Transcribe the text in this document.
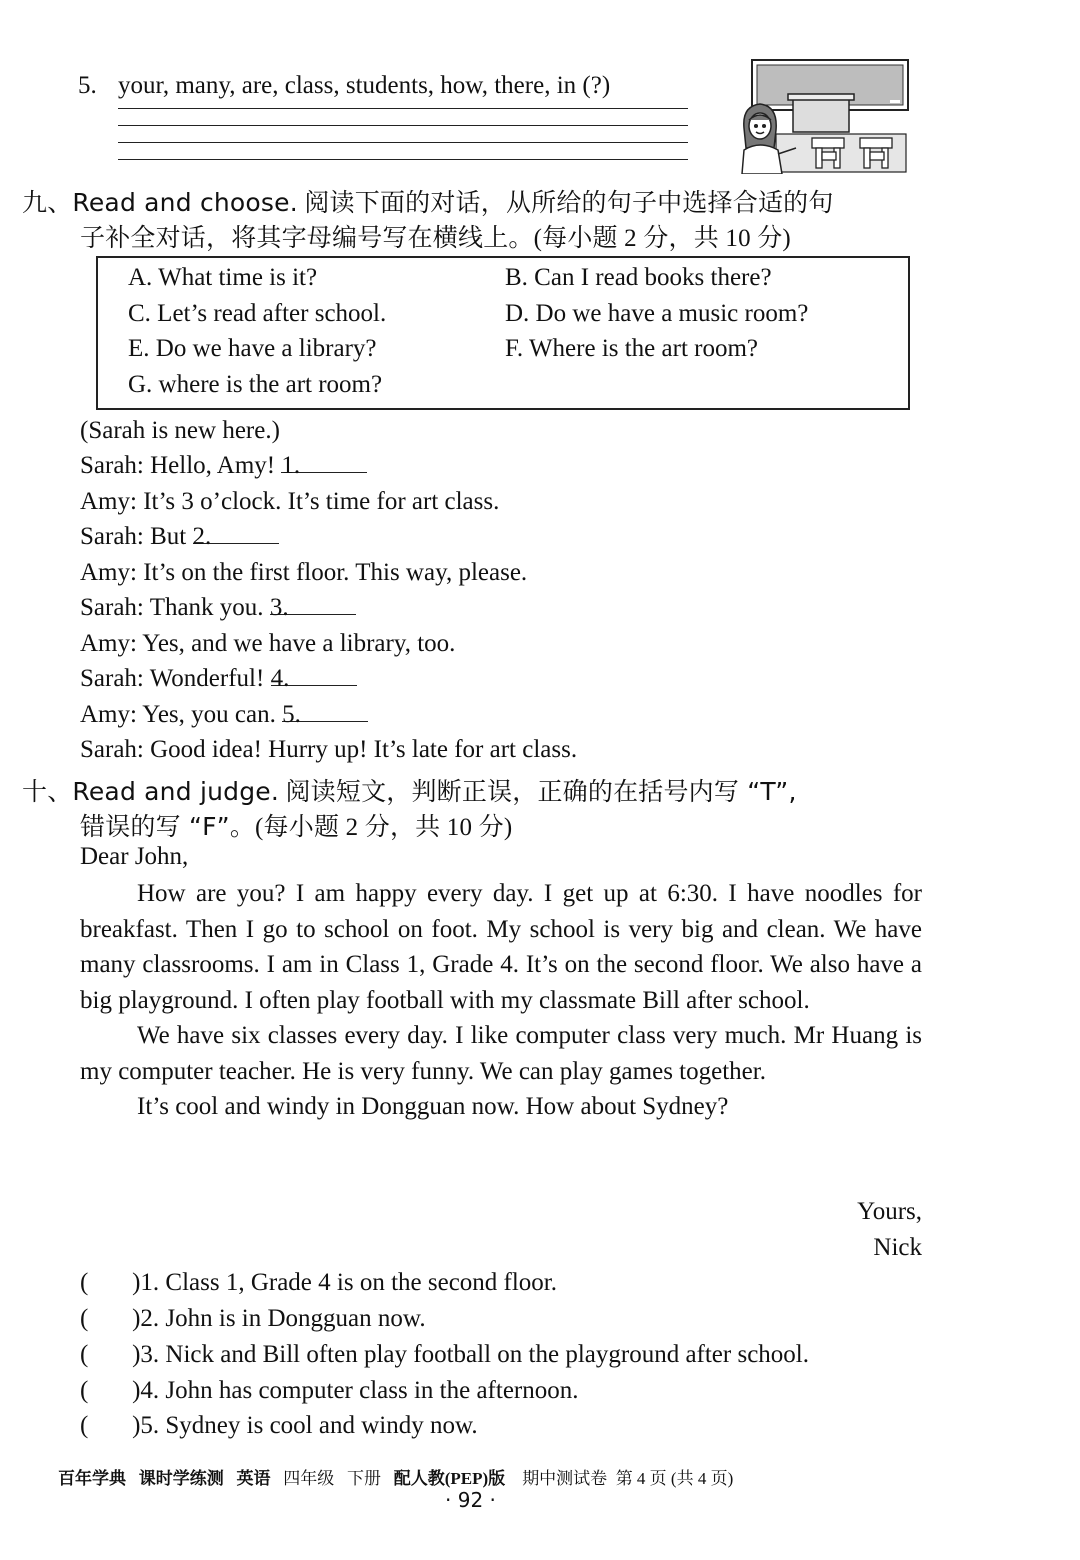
5. your, many, are, class, students, how, there, in (?)
九、Read and choose. 阅读下面的对话，从所给的句子中选择合适的句
子补全对话，将其字母编号写在横线上。(每小题 2 分，共 10 分)
A. What time is it?	B. Can I read books there?
C. Let’s read after school.	D. Do we have a music room?
E. Do we have a library?	F. Where is the art room?
G. where is the art room?
(Sarah is new here.)
Sarah: Hello, Amy! 1.
Amy: It’s 3 o’clock. It’s time for art class.
Sarah: But 2.
Amy: It’s on the first floor. This way, please.
Sarah: Thank you. 3.
Amy: Yes, and we have a library, too.
Sarah: Wonderful! 4.
Amy: Yes, you can. 5.
Sarah: Good idea! Hurry up! It’s late for art class.
十、Read and judge. 阅读短文，判断正误，正确的在括号内写 “T”,
错误的写 “F”。(每小题 2 分，共 10 分)
Dear John,

How are you? I am happy every day. I get up at 6:30. I have noodles for breakfast. Then I go to school on foot. My school is very big and clean. We have many classrooms. I am in Class 1, Grade 4. It’s on the second floor. We also have a big playground. I often play football with my classmate Bill after school.

We have six classes every day. I like computer class very much. Mr Huang is my computer teacher. He is very funny. We can play games together.

It’s cool and windy in Dongguan now. How about Sydney?

Yours,
Nick
(       )1. Class 1, Grade 4 is on the second floor.
(       )2. John is in Dongguan now.
(       )3. Nick and Bill often play football on the playground after school.
(       )4. John has computer class in the afternoon.
(       )5. Sydney is cool and windy now.
百年学典 课时学练测 英语 四年级 下册 配人教(PEP)版 期中测试卷 第 4 页 (共 4 页)
· 92 ·
